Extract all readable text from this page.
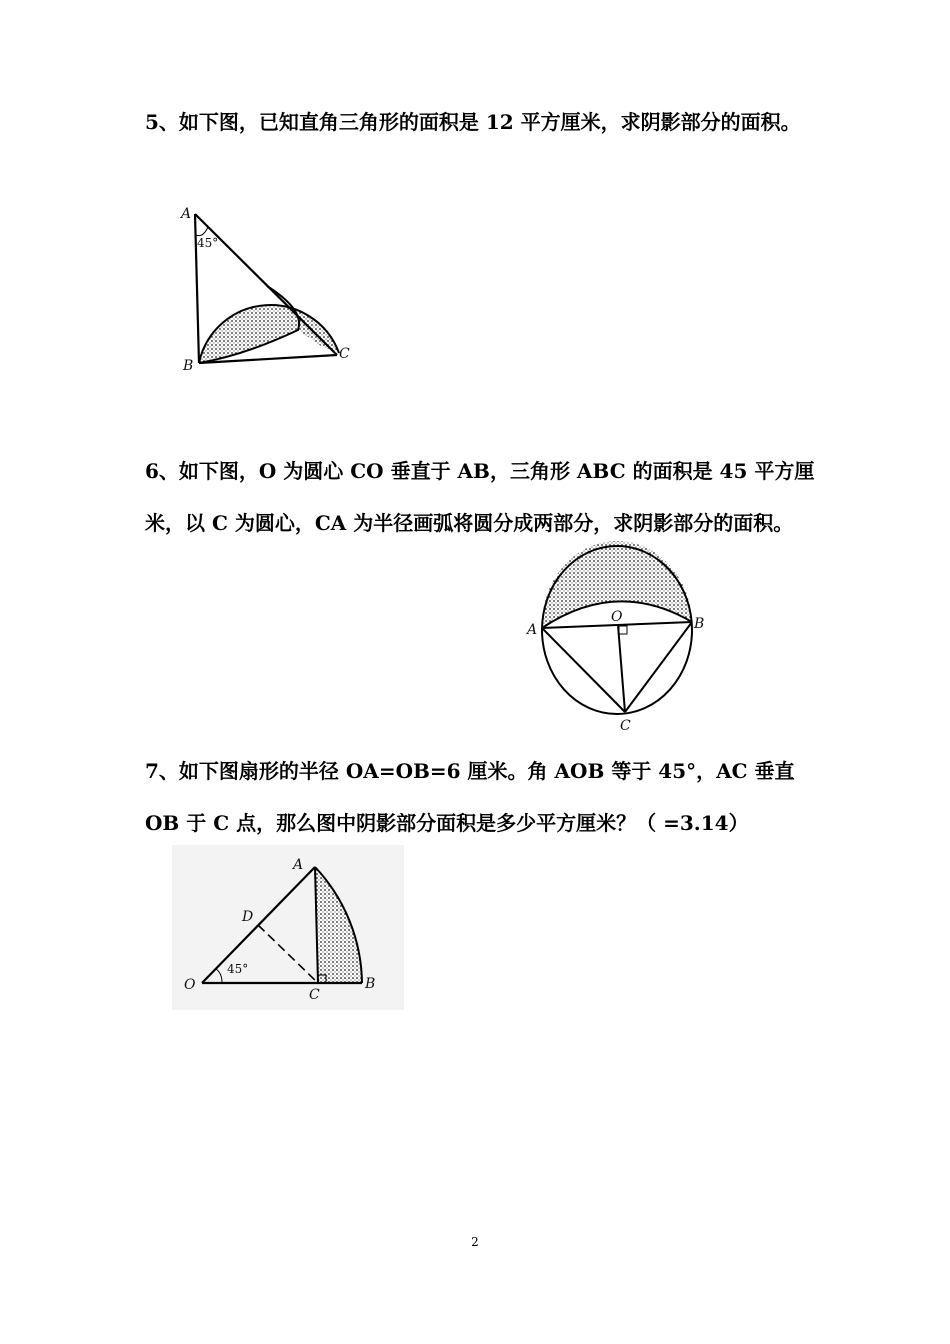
5、如下图，已知直角三角形的面积是 12 平方厘米，求阴影部分的面积。

A
B
C
45°

6、如下图，O 为圆心 CO 垂直于 AB，三角形 ABC 的面积是 45 平方厘米，以 C 为圆心，CA 为半径画弧将圆分成两部分，求阴影部分的面积。

O
A	B
C

7、如下图扇形的半径 OA=OB=6 厘米。角 AOB 等于 45°，AC 垂直 OB 于 C 点，那么图中阴影部分面积是多少平方厘米？（ =3.14）

A
D
O
C
B
45°
2
